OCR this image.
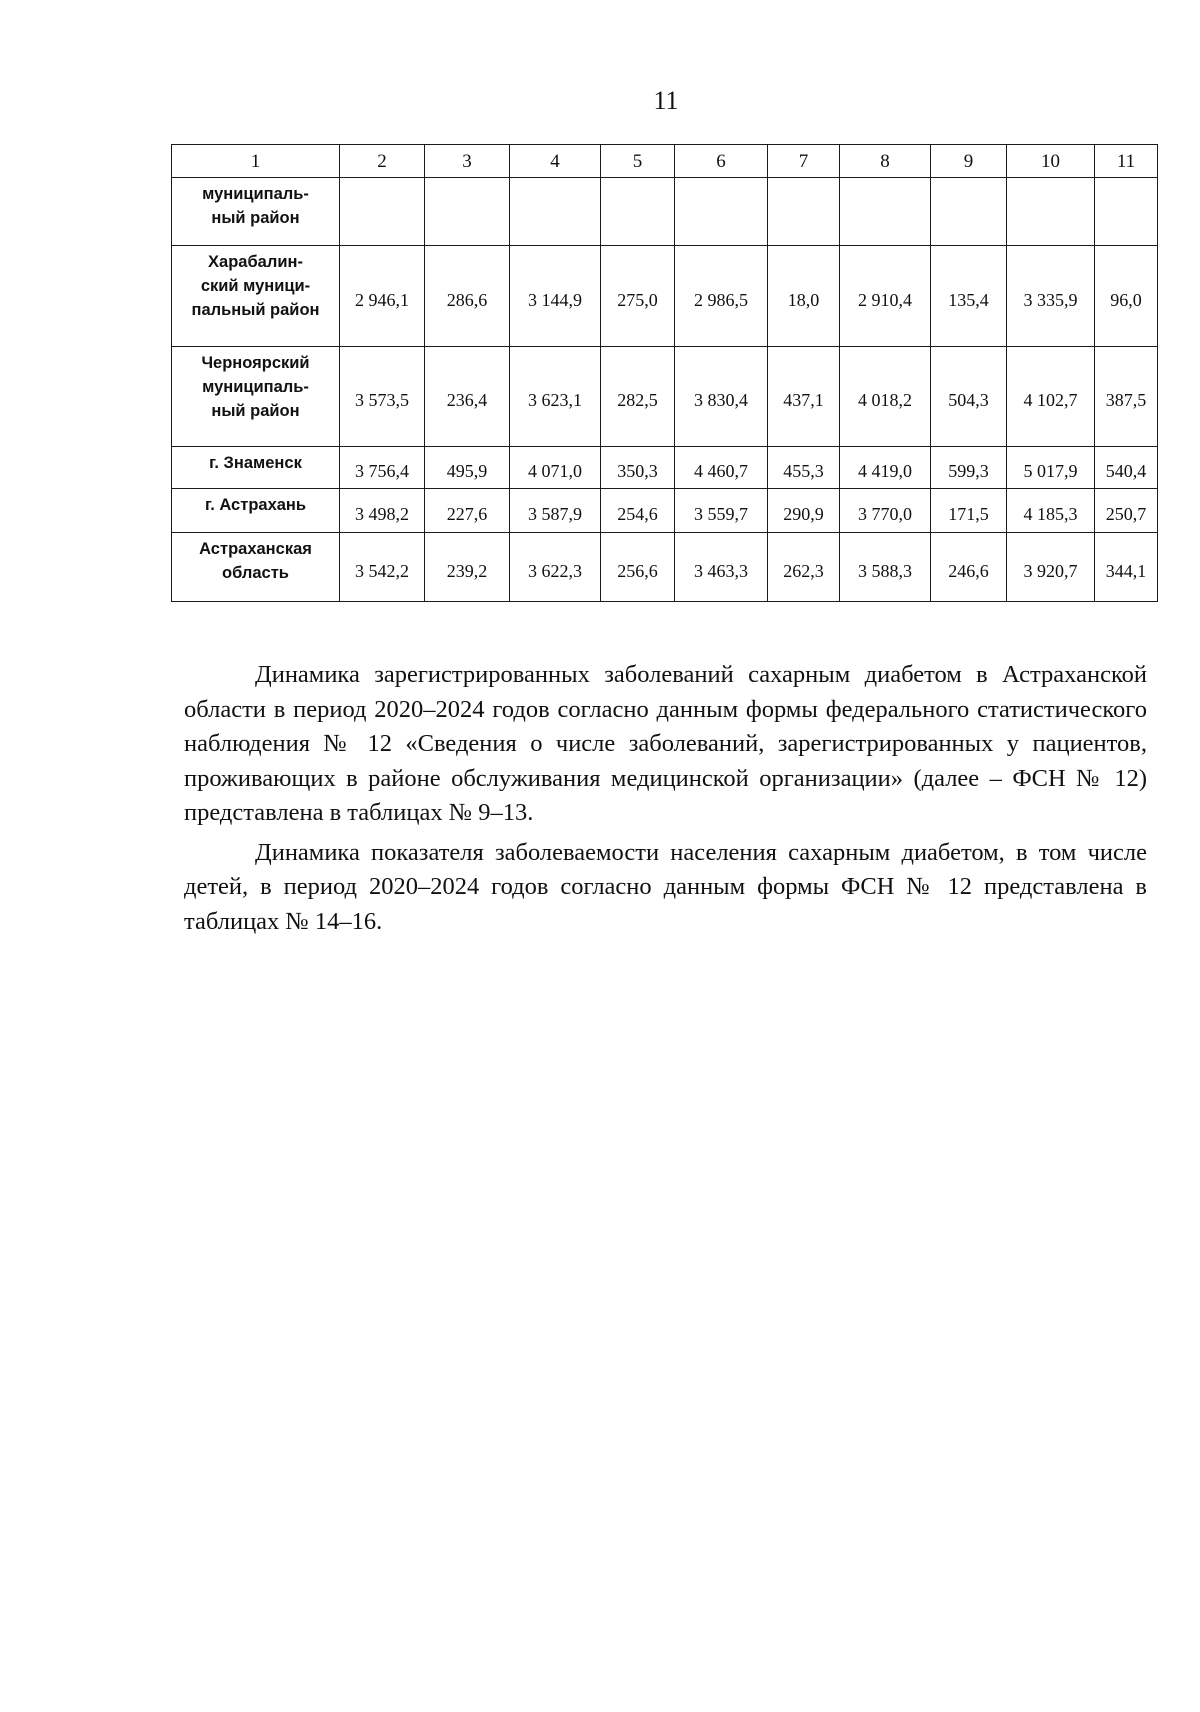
11
1	2	3	4	5	6	7	8	9	10	11
муниципаль-
ный район										
Харабалин-
ский муници-
пальный район	2 946,1	286,6	3 144,9	275,0	2 986,5	18,0	2 910,4	135,4	3 335,9	96,0
Черноярский
муниципаль-
ный район	3 573,5	236,4	3 623,1	282,5	3 830,4	437,1	4 018,2	504,3	4 102,7	387,5
г. Знаменск	3 756,4	495,9	4 071,0	350,3	4 460,7	455,3	4 419,0	599,3	5 017,9	540,4
г. Астрахань	3 498,2	227,6	3 587,9	254,6	3 559,7	290,9	3 770,0	171,5	4 185,3	250,7
Астраханская
область	3 542,2	239,2	3 622,3	256,6	3 463,3	262,3	3 588,3	246,6	3 920,7	344,1

Динамика зарегистрированных заболеваний сахарным диабетом в Астраханской области в период 2020–2024 годов согласно данным формы федерального статистического наблюдения № 12 «Сведения о числе заболеваний, зарегистрированных у пациентов, проживающих в районе обслуживания медицинской организации» (далее – ФСН № 12) представлена в таблицах № 9–13.

Динамика показателя заболеваемости населения сахарным диабетом, в том числе детей, в период 2020–2024 годов согласно данным формы ФСН № 12 представлена в таблицах № 14–16.
